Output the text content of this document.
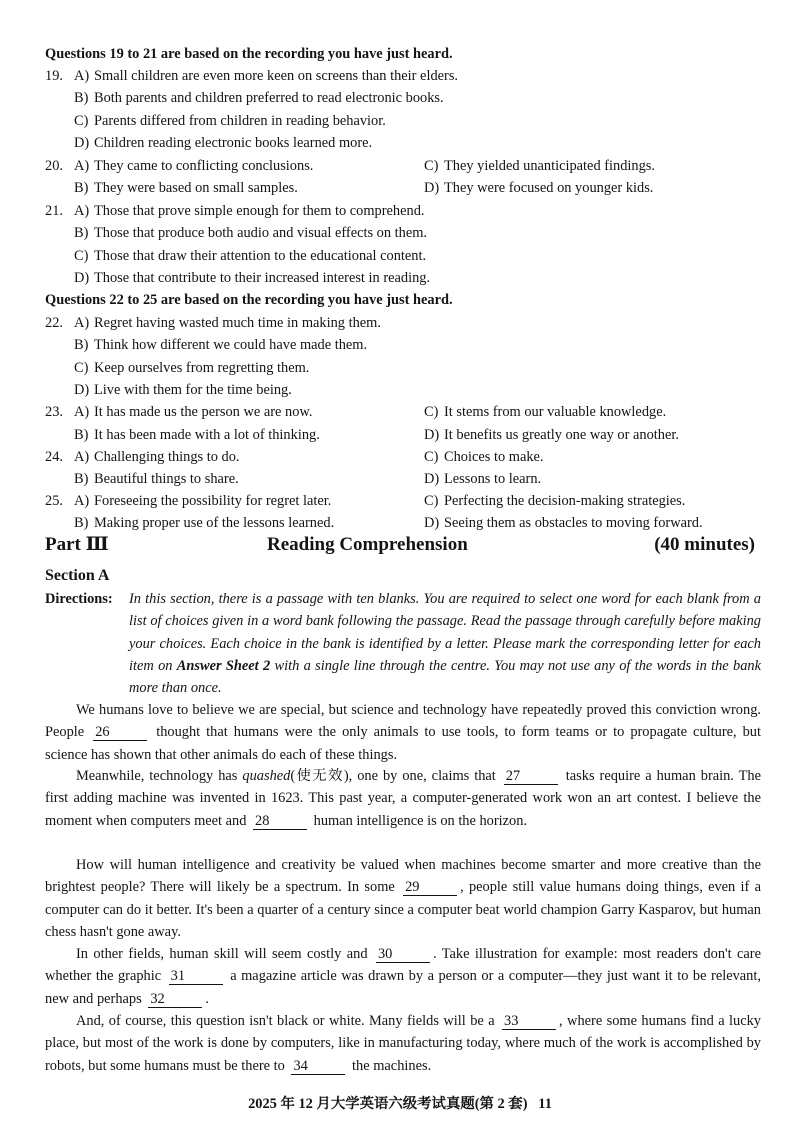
Questions 19 to 21 are based on the recording you have just heard.
19. A) Small children are even more keen on screens than their elders.
B) Both parents and children preferred to read electronic books.
C) Parents differed from children in reading behavior.
D) Children reading electronic books learned more.
20. A) They came to conflicting conclusions.	C) They yielded unanticipated findings.
B) They were based on small samples.	D) They were focused on younger kids.
21. A) Those that prove simple enough for them to comprehend.
B) Those that produce both audio and visual effects on them.
C) Those that draw their attention to the educational content.
D) Those that contribute to their increased interest in reading.
Questions 22 to 25 are based on the recording you have just heard.
22. A) Regret having wasted much time in making them.
B) Think how different we could have made them.
C) Keep ourselves from regretting them.
D) Live with them for the time being.
23. A) It has made us the person we are now.	C) It stems from our valuable knowledge.
B) It has been made with a lot of thinking.	D) It benefits us greatly one way or another.
24. A) Challenging things to do.	C) Choices to make.
B) Beautiful things to share.	D) Lessons to learn.
25. A) Foreseeing the possibility for regret later.	C) Perfecting the decision-making strategies.
B) Making proper use of the lessons learned.	D) Seeing them as obstacles to moving forward.
Part Ⅲ	Reading Comprehension	(40 minutes)
Section A
Directions: In this section, there is a passage with ten blanks. You are required to select one word for each blank from a list of choices given in a word bank following the passage. Read the passage through carefully before making your choices. Each choice in the bank is identified by a letter. Please mark the corresponding letter for each item on Answer Sheet 2 with a single line through the centre. You may not use any of the words in the bank more than once.
We humans love to believe we are special, but science and technology have repeatedly proved this conviction wrong. People 26	thought that humans were the only animals to use tools, to form teams or to propagate culture, but science has shown that other animals do each of these things.
Meanwhile, technology has quashed(使无效), one by one, claims that 27	tasks require a human brain. The first adding machine was invented in 1623. This past year, a computer-generated work won an art contest. I believe the moment when computers meet and 28	human intelligence is on the horizon.
How will human intelligence and creativity be valued when machines become smarter and more creative than the brightest people? There will likely be a spectrum. In some 29	, people still value humans doing things, even if a computer can do it better. It's been a quarter of a century since a computer beat world champion Garry Kasparov, but human chess hasn't gone away.
In other fields, human skill will seem costly and 30	. Take illustration for example: most readers don't care whether the graphic 31	a magazine article was drawn by a person or a computer—they just want it to be relevant, new and perhaps 32	.
And, of course, this question isn't black or white. Many fields will be a 33	, where some humans find a lucky place, but most of the work is done by computers, like in manufacturing today, where much of the work is accomplished by robots, but some humans must be there to 34	the machines.
2025 年 12 月大学英语六级考试真题(第 2 套) 11
